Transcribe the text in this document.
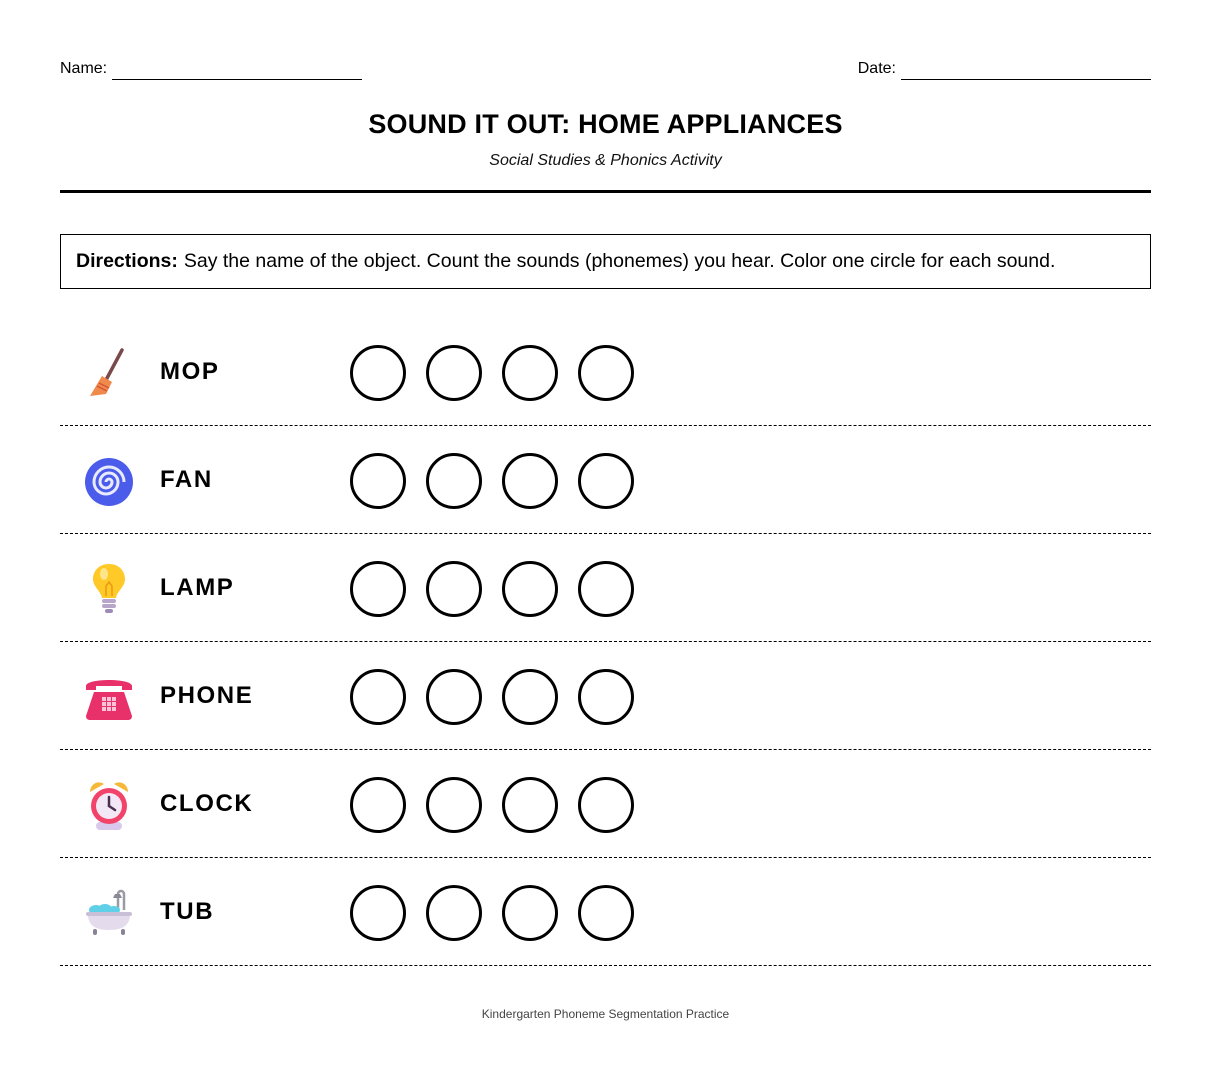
Name:	Date:
SOUND IT OUT: HOME APPLIANCES
Social Studies & Phonics Activity
Directions: Say the name of the object. Count the sounds (phonemes) you hear. Color one circle for each sound.
MOP
FAN
LAMP
PHONE
CLOCK
TUB
Kindergarten Phoneme Segmentation Practice
